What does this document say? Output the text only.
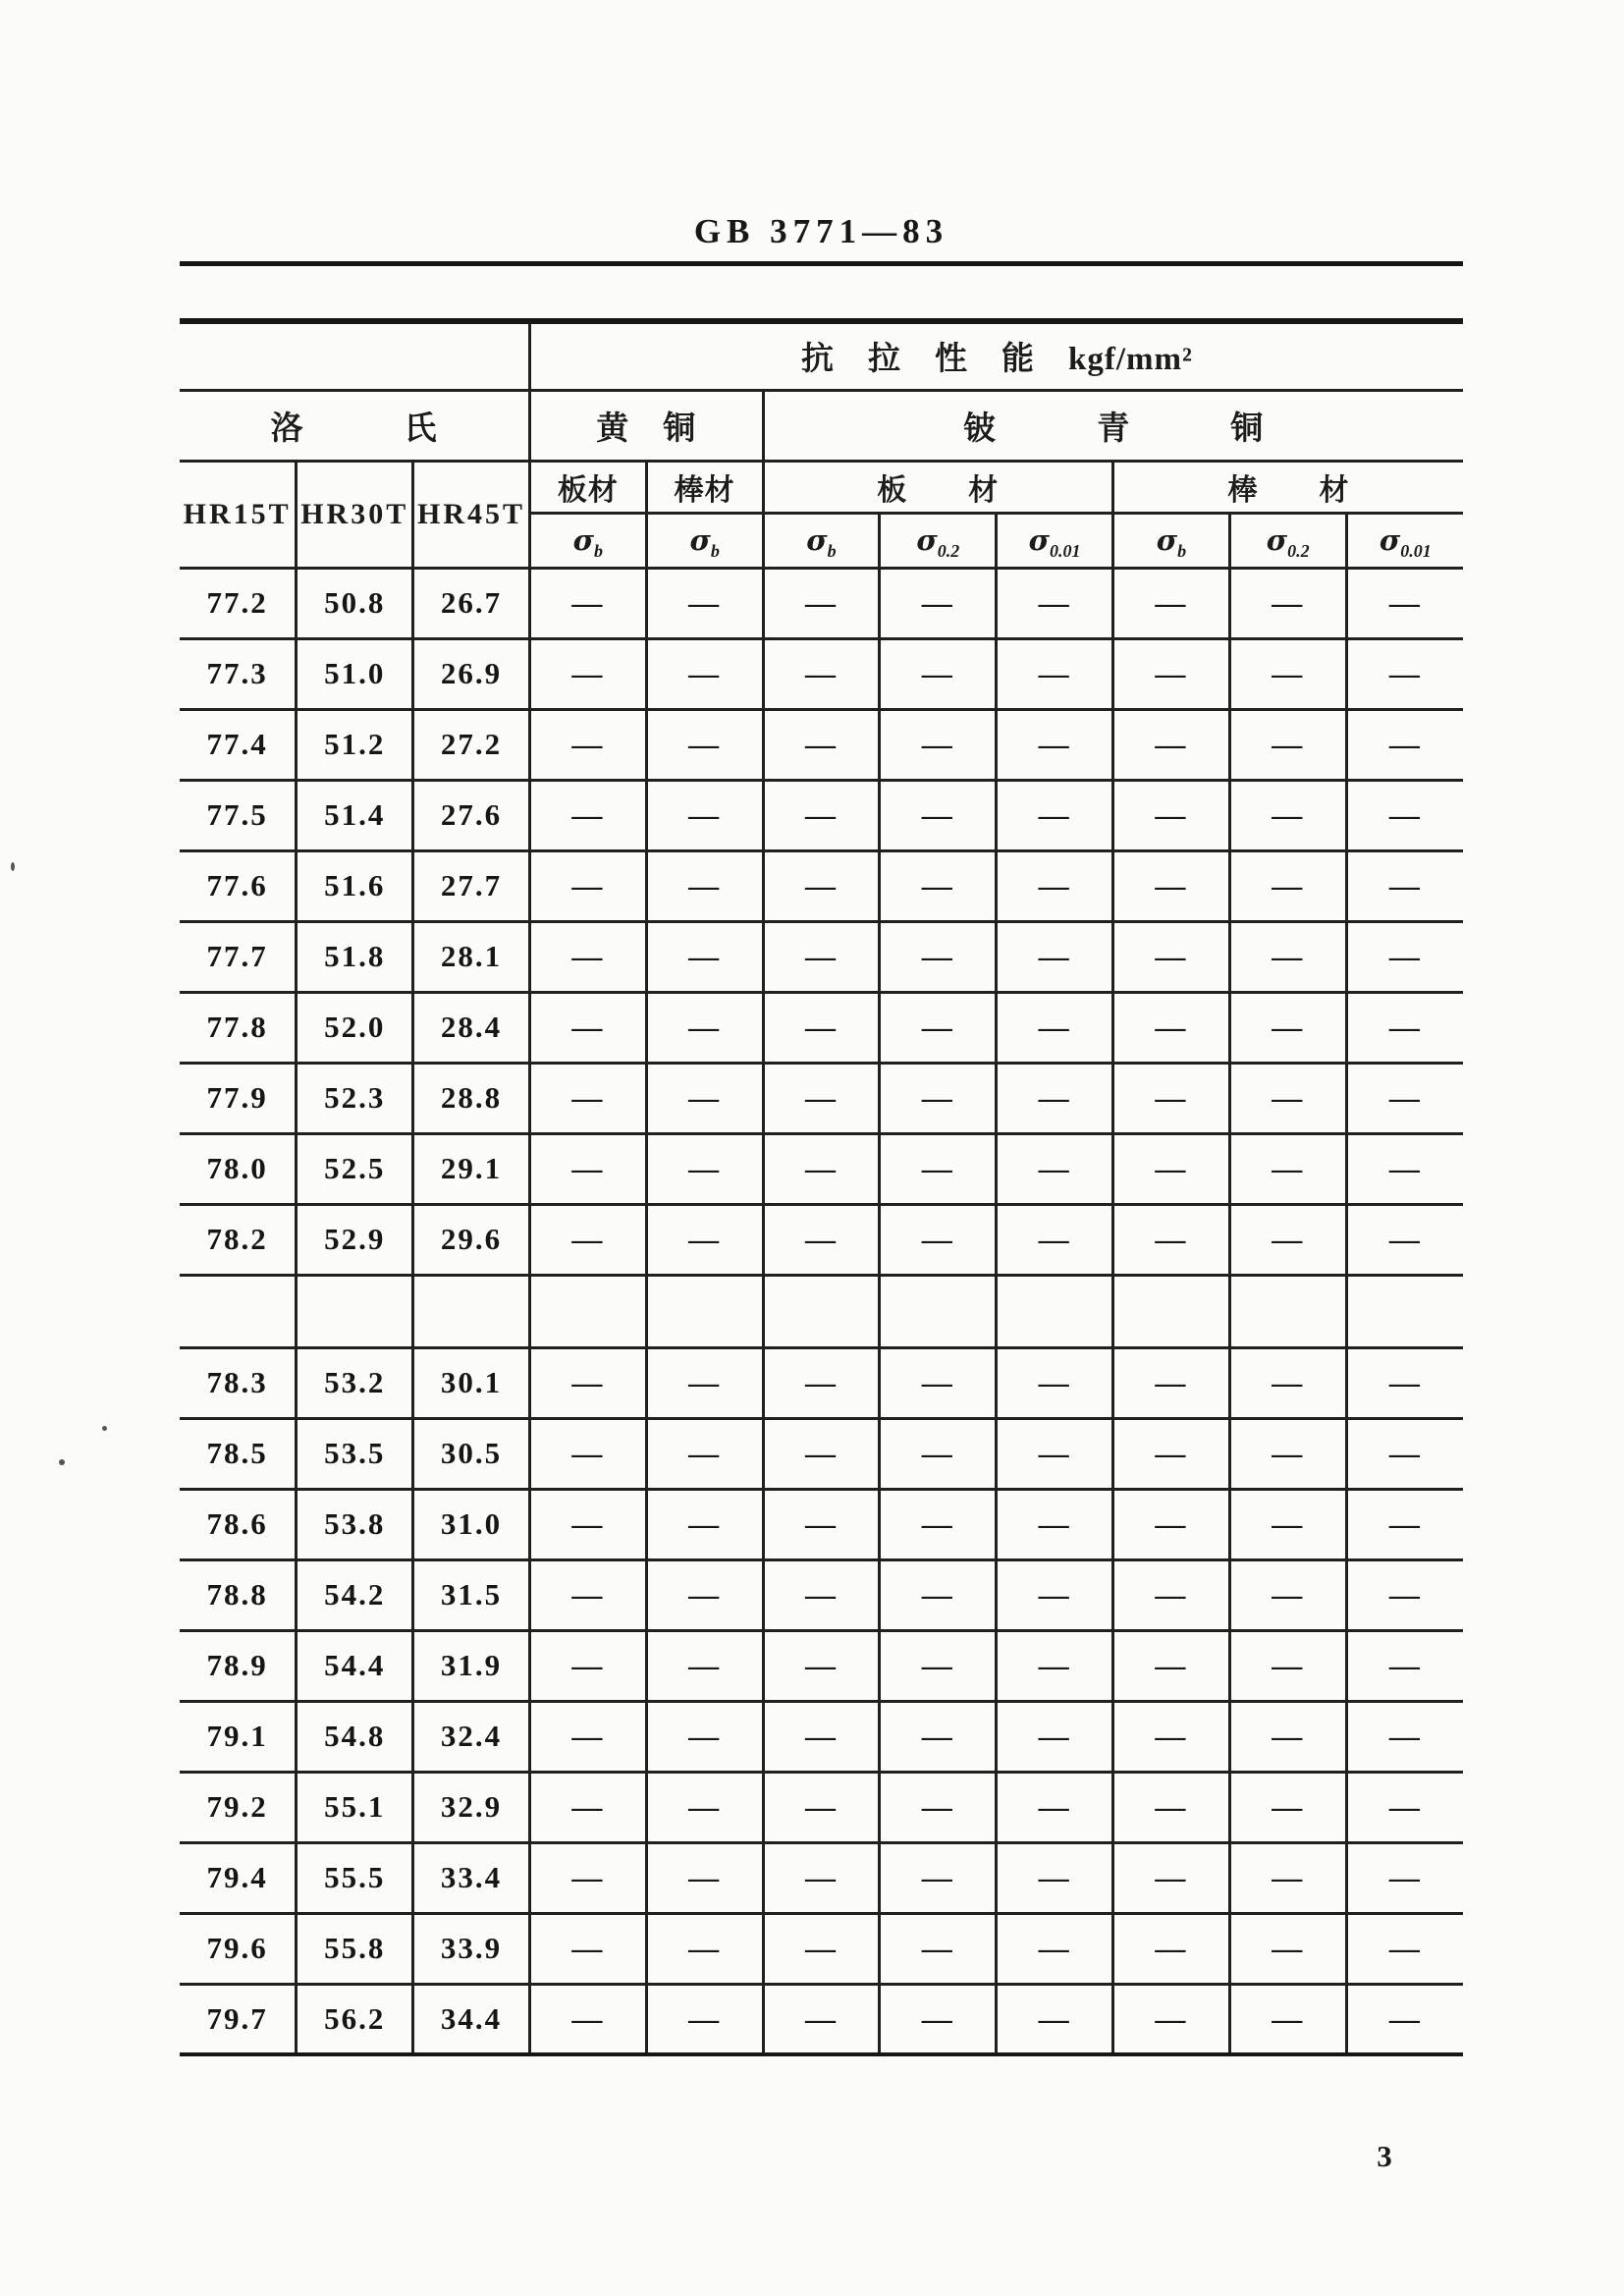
GB 3771—83
			抗　拉　性　能　kgf/mm²							
洛　　　氏			黄　铜		铍　　　青　　　铜					
HR15T	HR30T	HR45T	板材	棒材	板　　材			棒　　材		
			$\sigma_b$	$\sigma_b$	$\sigma_b$	$\sigma_{0.2}$	$\sigma_{0.01}$	$\sigma_b$	$\sigma_{0.2}$	$\sigma_{0.01}$
77.2	50.8	26.7	—	—	—	—	—	—	—	—
77.3	51.0	26.9	—	—	—	—	—	—	—	—
77.4	51.2	27.2	—	—	—	—	—	—	—	—
77.5	51.4	27.6	—	—	—	—	—	—	—	—
77.6	51.6	27.7	—	—	—	—	—	—	—	—
77.7	51.8	28.1	—	—	—	—	—	—	—	—
77.8	52.0	28.4	—	—	—	—	—	—	—	—
77.9	52.3	28.8	—	—	—	—	—	—	—	—
78.0	52.5	29.1	—	—	—	—	—	—	—	—
78.2	52.9	29.6	—	—	—	—	—	—	—	—

78.3	53.2	30.1	—	—	—	—	—	—	—	—
78.5	53.5	30.5	—	—	—	—	—	—	—	—
78.6	53.8	31.0	—	—	—	—	—	—	—	—
78.8	54.2	31.5	—	—	—	—	—	—	—	—
78.9	54.4	31.9	—	—	—	—	—	—	—	—
79.1	54.8	32.4	—	—	—	—	—	—	—	—
79.2	55.1	32.9	—	—	—	—	—	—	—	—
79.4	55.5	33.4	—	—	—	—	—	—	—	—
79.6	55.8	33.9	—	—	—	—	—	—	—	—
79.7	56.2	34.4	—	—	—	—	—	—	—	—
3
